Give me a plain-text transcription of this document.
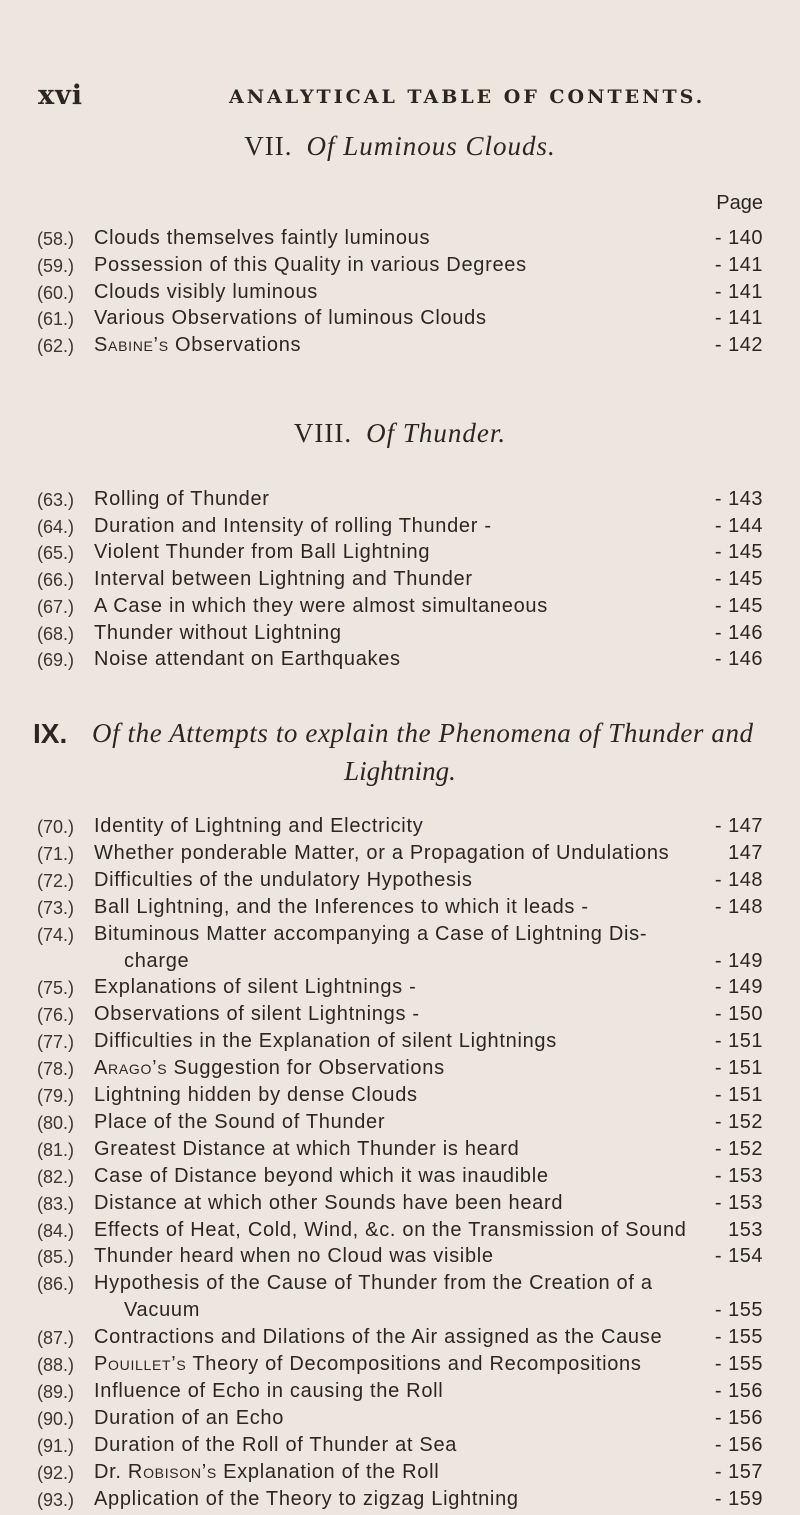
xvi	ANALYTICAL TABLE OF CONTENTS.
VII. Of Luminous Clouds.
Page
(58.) Clouds themselves faintly luminous	- 140
(59.) Possession of this Quality in various Degrees	- 141
(60.) Clouds visibly luminous	- 141
(61.) Various Observations of luminous Clouds	- 141
(62.) Sabine’s Observations	- 142
VIII. Of Thunder.
(63.) Rolling of Thunder	- 143
(64.) Duration and Intensity of rolling Thunder -	- 144
(65.) Violent Thunder from Ball Lightning	- 145
(66.) Interval between Lightning and Thunder	- 145
(67.) A Case in which they were almost simultaneous	- 145
(68.) Thunder without Lightning	- 146
(69.) Noise attendant on Earthquakes	- 146
IX. Of the Attempts to explain the Phenomena of Thunder and
Lightning.
(70.) Identity of Lightning and Electricity	- 147
(71.) Whether ponderable Matter, or a Propagation of Undulations	147
(72.) Difficulties of the undulatory Hypothesis	- 148
(73.) Ball Lightning, and the Inferences to which it leads -	- 148
(74.) Bituminous Matter accompanying a Case of Lightning Dis-
charge	- 149
(75.) Explanations of silent Lightnings -	- 149
(76.) Observations of silent Lightnings -	- 150
(77.) Difficulties in the Explanation of silent Lightnings	- 151
(78.) Arago’s Suggestion for Observations	- 151
(79.) Lightning hidden by dense Clouds	- 151
(80.) Place of the Sound of Thunder	- 152
(81.) Greatest Distance at which Thunder is heard	- 152
(82.) Case of Distance beyond which it was inaudible	- 153
(83.) Distance at which other Sounds have been heard	- 153
(84.) Effects of Heat, Cold, Wind, &c. on the Transmission of Sound 153
(85.) Thunder heard when no Cloud was visible	- 154
(86.) Hypothesis of the Cause of Thunder from the Creation of a
Vacuum	- 155
(87.) Contractions and Dilations of the Air assigned as the Cause	- 155
(88.) Pouillet’s Theory of Decompositions and Recompositions	- 155
(89.) Influence of Echo in causing the Roll	- 156
(90.) Duration of an Echo	- 156
(91.) Duration of the Roll of Thunder at Sea	- 156
(92.) Dr. Robison’s Explanation of the Roll	- 157
(93.) Application of the Theory to zigzag Lightning	- 159
